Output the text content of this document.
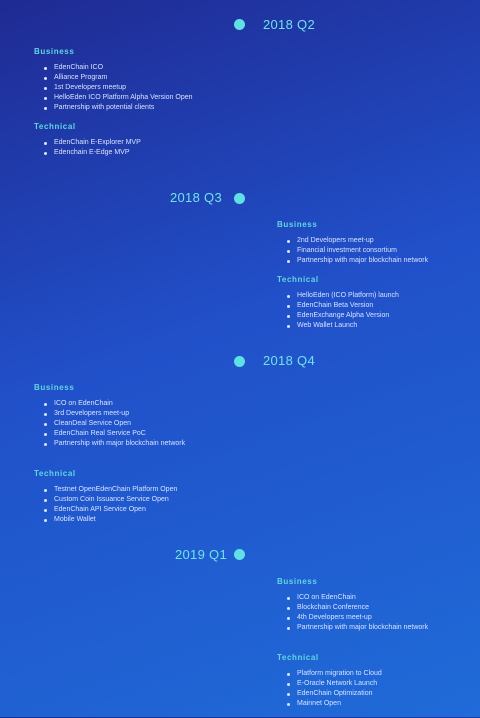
2018 Q2
Business
EdenChain ICO
Alliance Program
1st Developers meetup
HelloEden ICO Platform Alpha Version Open
Partnership with potential clients
Technical
EdenChain E-Explorer MVP
Edenchain E-Edge MVP
2018 Q3
Business
2nd Developers meet-up
Financial investment consortium
Partnership with major blockchain network
Technical
HelloEden (ICO Platform) launch
EdenChain Beta Version
EdenExchange Alpha Version
Web Wallet Launch
2018 Q4
Business
ICO on EdenChain
3rd Developers meet-up
CleanDeal Service Open
EdenChain Real Service PoC
Partnership with major blockchain network
Technical
Testnet OpenEdenChain Platform Open
Custom Coin Issuance Service Open
EdenChain API Service Open
Mobile Wallet
2019 Q1
Business
ICO on EdenChain
Blockchain Conference
4th Developers meet-up
Partnership with major blockchain network
Technical
Platform migration to Cloud
E-Oracle Network Launch
EdenChain Optimization
Mainnet Open
